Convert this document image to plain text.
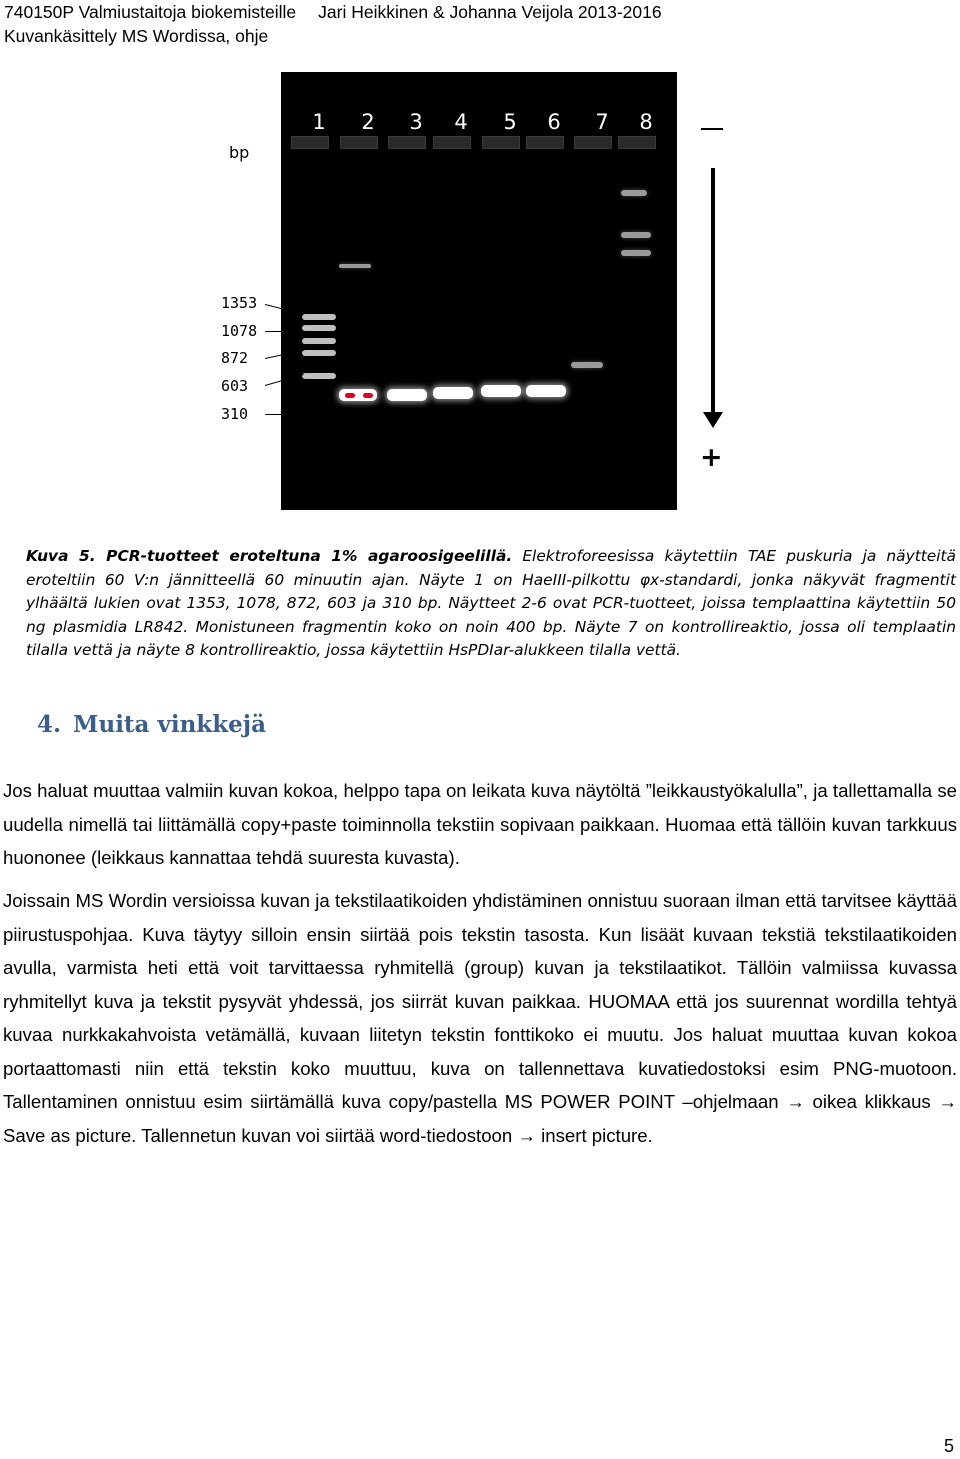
740150P Valmiustaitoja biokemisteille Jari Heikkinen & Johanna Veijola 2013-2016
Kuvankäsittely MS Wordissa, ohje
1 2 3 4 5 6 7 8
bp
1353
1078
872
603
310
+
Kuva 5. PCR-tuotteet eroteltuna 1% agaroosigeelillä. Elektroforeesissa käytettiin TAE puskuria ja näytteitä eroteltiin 60 V:n jännitteellä 60 minuutin ajan. Näyte 1 on HaeIII-pilkottu φx-standardi, jonka näkyvät fragmentit ylhäältä lukien ovat 1353, 1078, 872, 603 ja 310 bp. Näytteet 2-6 ovat PCR-tuotteet, joissa templaattina käytettiin 50 ng plasmidia LR842. Monistuneen fragmentin koko on noin 400 bp. Näyte 7 on kontrollireaktio, jossa oli templaatin tilalla vettä ja näyte 8 kontrollireaktio, jossa käytettiin HsPDIar-alukkeen tilalla vettä.
4. Muita vinkkejä
Jos haluat muuttaa valmiin kuvan kokoa, helppo tapa on leikata kuva näytöltä ”leikkaustyökalulla”, ja tallettamalla se uudella nimellä tai liittämällä copy+paste toiminnolla tekstiin sopivaan paikkaan. Huomaa että tällöin kuvan tarkkuus huononee (leikkaus kannattaa tehdä suuresta kuvasta).
Joissain MS Wordin versioissa kuvan ja tekstilaatikoiden yhdistäminen onnistuu suoraan ilman että tarvitsee käyttää piirustuspohjaa. Kuva täytyy silloin ensin siirtää pois tekstin tasosta. Kun lisäät kuvaan tekstiä tekstilaatikoiden avulla, varmista heti että voit tarvittaessa ryhmitellä (group) kuvan ja tekstilaatikot. Tällöin valmiissa kuvassa ryhmitellyt kuva ja tekstit pysyvät yhdessä, jos siirrät kuvan paikkaa. HUOMAA että jos suurennat wordilla tehtyä kuvaa nurkkakahvoista vetämällä, kuvaan liitetyn tekstin fonttikoko ei muutu. Jos haluat muuttaa kuvan kokoa portaattomasti niin että tekstin koko muuttuu, kuva on tallennettava kuvatiedostoksi esim PNG-muotoon. Tallentaminen onnistuu esim siirtämällä kuva copy/pastella MS POWER POINT –ohjelmaan → oikea klikkaus → Save as picture. Tallennetun kuvan voi siirtää word-tiedostoon → insert picture.
5
